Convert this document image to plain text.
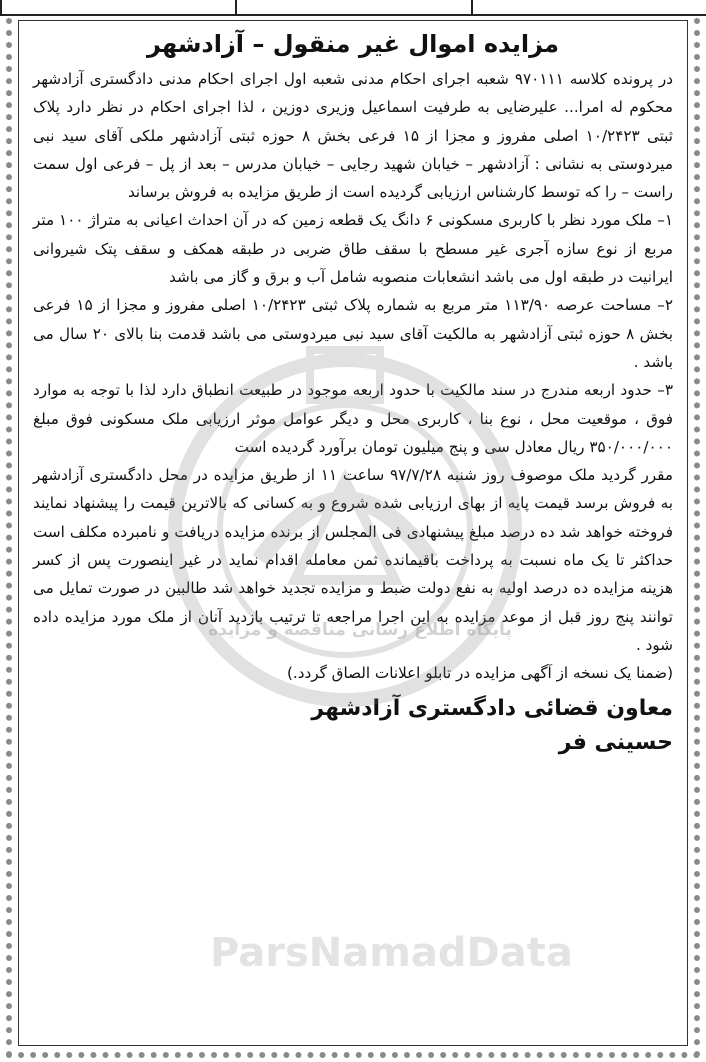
مزایده اموال غیر منقول – آزادشهر

در پرونده کلاسه ۹۷۰۱۱۱ شعبه اجرای احکام مدنی شعبه اول اجرای احکام مدنی دادگستری آزادشهر محکوم له امرا... علیرضایی به طرفیت اسماعیل وزیری دوزین ، لذا اجرای احکام در نظر دارد پلاک ثبتی ۱۰/۲۴۲۳ اصلی مفروز و مجزا از ۱۵ فرعی بخش ۸ حوزه ثبتی آزادشهر ملکی آقای سید نبی میردوستی به نشانی : آزادشهر – خیابان شهید رجایی – خیابان مدرس – بعد از پل – فرعی اول سمت راست – را که توسط کارشناس ارزیابی گردیده است از طریق مزایده به فروش برساند

۱– ملک مورد نظر با کاربری مسکونی ۶ دانگ یک قطعه زمین که در آن احداث اعیانی به متراژ ۱۰۰ متر مربع از نوع سازه آجری غیر مسطح با سقف طاق ضربی در طبقه همکف و سقف پتک شیروانی ایرانیت در طبقه اول می باشد انشعابات منصوبه شامل آب و برق و گاز می باشد

۲– مساحت عرصه ۱۱۳/۹۰ متر مربع به شماره پلاک ثبتی ۱۰/۲۴۲۳ اصلی مفروز و مجزا از ۱۵ فرعی بخش ۸ حوزه ثبتی آزادشهر به مالکیت آقای سید نبی میردوستی می باشد قدمت بنا بالای ۲۰ سال می باشد .

۳– حدود اربعه مندرج در سند مالکیت با حدود اربعه موجود در طبیعت انطباق دارد لذا با توجه به موارد فوق ، موقعیت محل ، نوع بنا ، کاربری محل و دیگر عوامل موثر ارزیابی ملک مسکونی فوق مبلغ ۳۵۰/۰۰۰/۰۰۰ ریال معادل سی و پنج میلیون تومان برآورد گردیده است

مقرر گردید ملک موصوف روز شنبه ۹۷/۷/۲۸ ساعت ۱۱ از طریق مزایده در محل دادگستری آزادشهر به فروش برسد قیمت پایه از بهای ارزیابی شده شروع و به کسانی که بالاترین قیمت را پیشنهاد نمایند فروخته خواهد شد ده درصد مبلغ پیشنهادی فی المجلس از برنده مزایده دریافت و نامبرده مکلف است حداکثر تا یک ماه نسبت به پرداخت باقیمانده ثمن معامله اقدام نماید در غیر اینصورت پس از کسر هزینه مزایده ده درصد اولیه به نفع دولت ضبط و مزایده تجدید خواهد شد طالبین در صورت تمایل می توانند پنج روز قبل از موعد مزایده به این اجرا مراجعه تا ترتیب بازدید آنان از ملک مورد مزایده داده شود .

(ضمنا یک نسخه از آگهی مزایده در تابلو اعلانات الصاق گردد.)

معاون قضائی دادگستری آزادشهر
حسینی فر
پایگاه اطلاع رسانی مناقصه و مزایده
ParsNamadData
